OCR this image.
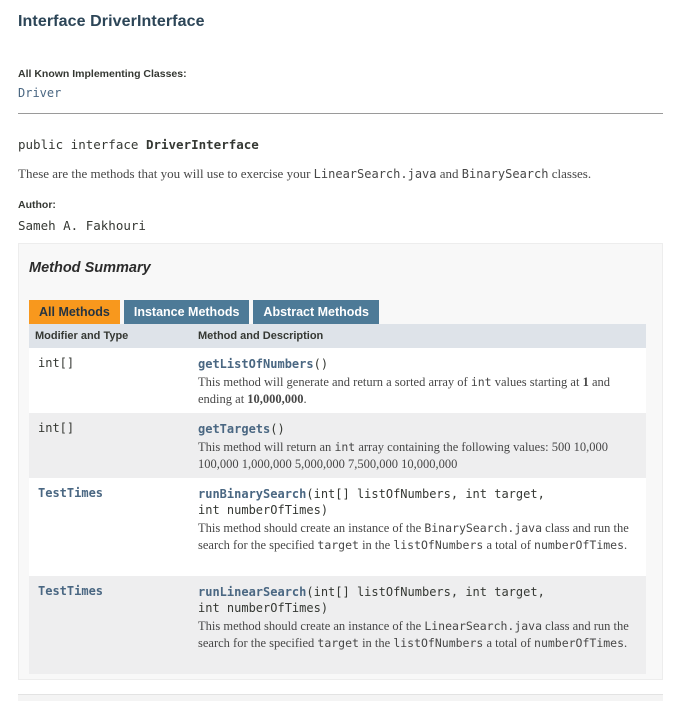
Interface DriverInterface
All Known Implementing Classes:
Driver
public interface DriverInterface
These are the methods that you will use to exercise your LinearSearch.java and BinarySearch classes.
Author:
Sameh A. Fakhouri
Method Summary
All Methods	Instance Methods	Abstract Methods
Modifier and Type	Method and Description
int[]	getListOfNumbers()
This method will generate and return a sorted array of int values starting at 1 and ending at 10,000,000.

int[]	getTargets()
This method will return an int array containing the following values: 500 10,000 100,000 1,000,000 5,000,000 7,500,000 10,000,000

TestTimes	runBinarySearch(int[] listOfNumbers, int target,
int numberOfTimes)
This method should create an instance of the BinarySearch.java class and run the search for the specified target in the listOfNumbers a total of numberOfTimes.

TestTimes	runLinearSearch(int[] listOfNumbers, int target,
int numberOfTimes)
This method should create an instance of the LinearSearch.java class and run the search for the specified target in the listOfNumbers a total of numberOfTimes.
